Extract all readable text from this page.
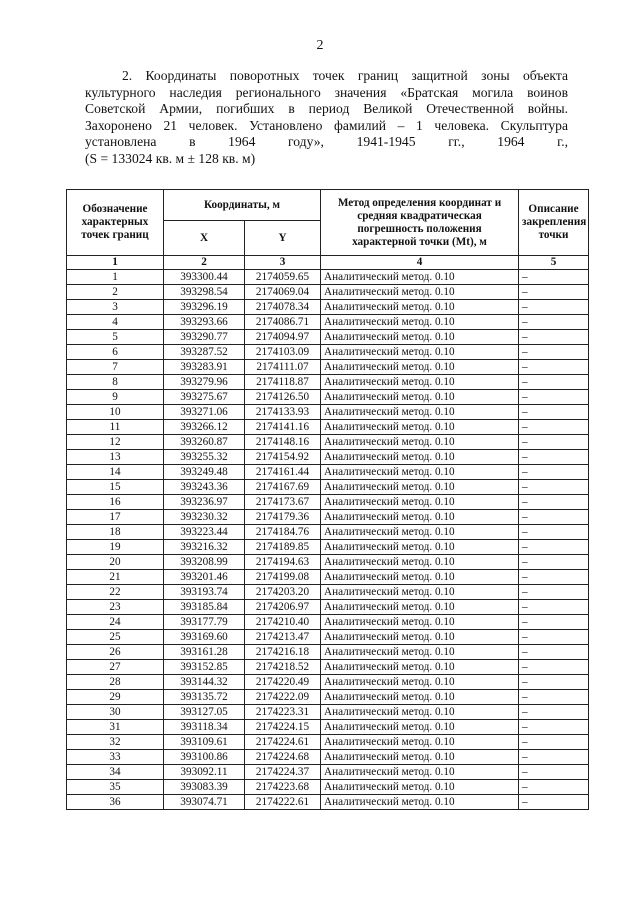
2

2. Координаты поворотных точек границ защитной зоны объекта

культурного наследия регионального значения «Братская могила воинов

Советской Армии, погибших в период Великой Отечественной войны.

Захоронено 21 человек. Установлено фамилий – 1 человека. Скульптура

установлена в 1964 году», 1941-1945 гг., 1964 г.,

(S = 133024 кв. м ± 128 кв. м)

Обозначение характерных точек границ	Координаты, м		Метод определения координат и средняя квадратическая погрешность положения характерной точки (Mt), м	Описание закрепления точки
	X	Y		
1	2	3	4	5
1	393300.44	2174059.65	Аналитический метод. 0.10	–
2	393298.54	2174069.04	Аналитический метод. 0.10	–
3	393296.19	2174078.34	Аналитический метод. 0.10	–
4	393293.66	2174086.71	Аналитический метод. 0.10	–
5	393290.77	2174094.97	Аналитический метод. 0.10	–
6	393287.52	2174103.09	Аналитический метод. 0.10	–
7	393283.91	2174111.07	Аналитический метод. 0.10	–
8	393279.96	2174118.87	Аналитический метод. 0.10	–
9	393275.67	2174126.50	Аналитический метод. 0.10	–
10	393271.06	2174133.93	Аналитический метод. 0.10	–
11	393266.12	2174141.16	Аналитический метод. 0.10	–
12	393260.87	2174148.16	Аналитический метод. 0.10	–
13	393255.32	2174154.92	Аналитический метод. 0.10	–
14	393249.48	2174161.44	Аналитический метод. 0.10	–
15	393243.36	2174167.69	Аналитический метод. 0.10	–
16	393236.97	2174173.67	Аналитический метод. 0.10	–
17	393230.32	2174179.36	Аналитический метод. 0.10	–
18	393223.44	2174184.76	Аналитический метод. 0.10	–
19	393216.32	2174189.85	Аналитический метод. 0.10	–
20	393208.99	2174194.63	Аналитический метод. 0.10	–
21	393201.46	2174199.08	Аналитический метод. 0.10	–
22	393193.74	2174203.20	Аналитический метод. 0.10	–
23	393185.84	2174206.97	Аналитический метод. 0.10	–
24	393177.79	2174210.40	Аналитический метод. 0.10	–
25	393169.60	2174213.47	Аналитический метод. 0.10	–
26	393161.28	2174216.18	Аналитический метод. 0.10	–
27	393152.85	2174218.52	Аналитический метод. 0.10	–
28	393144.32	2174220.49	Аналитический метод. 0.10	–
29	393135.72	2174222.09	Аналитический метод. 0.10	–
30	393127.05	2174223.31	Аналитический метод. 0.10	–
31	393118.34	2174224.15	Аналитический метод. 0.10	–
32	393109.61	2174224.61	Аналитический метод. 0.10	–
33	393100.86	2174224.68	Аналитический метод. 0.10	–
34	393092.11	2174224.37	Аналитический метод. 0.10	–
35	393083.39	2174223.68	Аналитический метод. 0.10	–
36	393074.71	2174222.61	Аналитический метод. 0.10	–
